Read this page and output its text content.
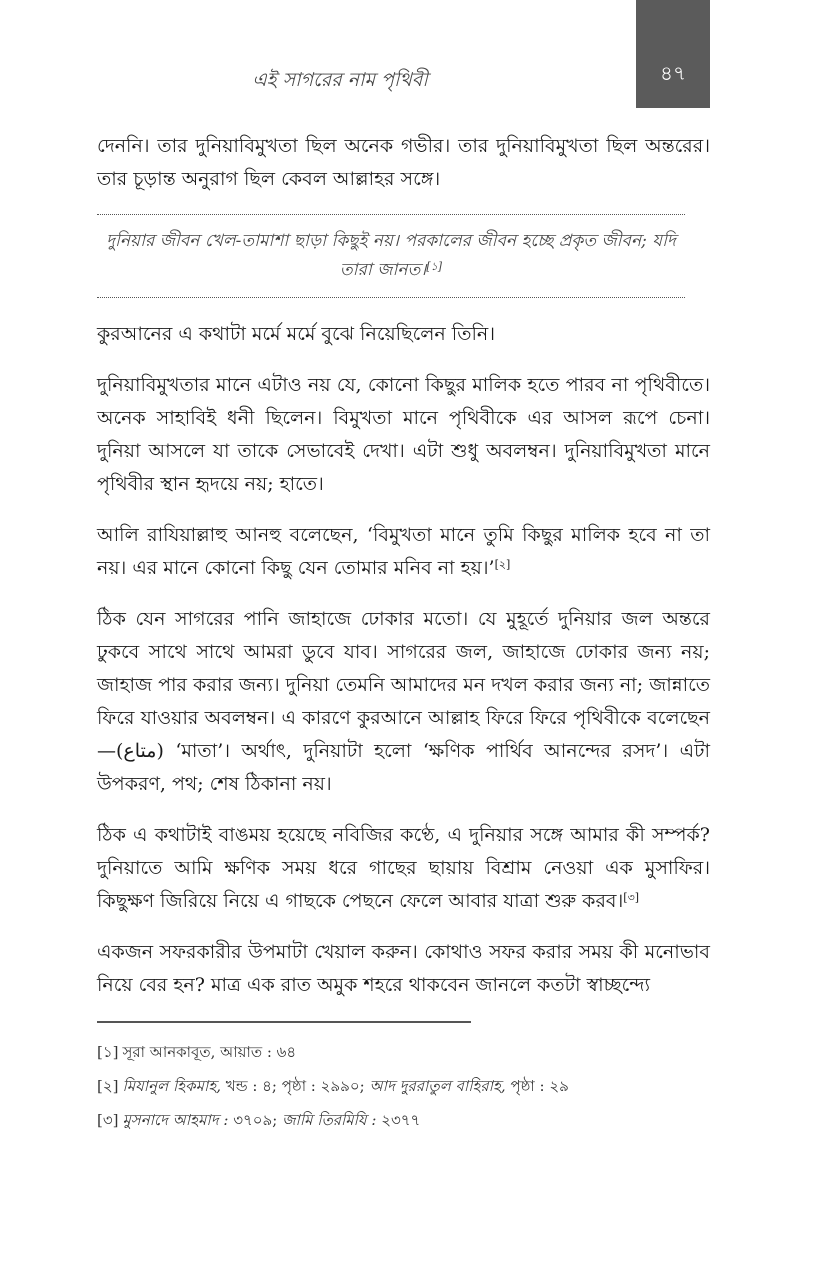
এই সাগরের নাম পৃথিবী	৪৭

দেননি। তার দুনিয়াবিমুখতা ছিল অনেক গভীর। তার দুনিয়াবিমুখতা ছিল অন্তরের। তার চূড়ান্ত অনুরাগ ছিল কেবল আল্লাহর সঙ্গে।

দুনিয়ার জীবন খেল-তামাশা ছাড়া কিছুই নয়। পরকালের জীবন হচ্ছে প্রকৃত জীবন; যদি তারা জানত।[১]

কুরআনের এ কথাটা মর্মে মর্মে বুঝে নিয়েছিলেন তিনি।

দুনিয়াবিমুখতার মানে এটাও নয় যে, কোনো কিছুর মালিক হতে পারব না পৃথিবীতে। অনেক সাহাবিই ধনী ছিলেন। বিমুখতা মানে পৃথিবীকে এর আসল রূপে চেনা। দুনিয়া আসলে যা তাকে সেভাবেই দেখা। এটা শুধু অবলম্বন। দুনিয়াবিমুখতা মানে পৃথিবীর স্থান হৃদয়ে নয়; হাতে।

আলি রাযিয়াল্লাহু আনহু বলেছেন, ‘বিমুখতা মানে তুমি কিছুর মালিক হবে না তা নয়। এর মানে কোনো কিছু যেন তোমার মনিব না হয়।’[২]

ঠিক যেন সাগরের পানি জাহাজে ঢোকার মতো। যে মুহূর্তে দুনিয়ার জল অন্তরে ঢুকবে সাথে সাথে আমরা ডুবে যাব। সাগরের জল, জাহাজে ঢোকার জন্য নয়; জাহাজ পার করার জন্য। দুনিয়া তেমনি আমাদের মন দখল করার জন্য না; জান্নাতে ফিরে যাওয়ার অবলম্বন। এ কারণে কুরআনে আল্লাহ ফিরে ফিরে পৃথিবীকে বলেছেন—(متاع) ‘মাতা’। অর্থাৎ, দুনিয়াটা হলো ‘ক্ষণিক পার্থিব আনন্দের রসদ’। এটা উপকরণ, পথ; শেষ ঠিকানা নয়।

ঠিক এ কথাটাই বাঙময় হয়েছে নবিজির কণ্ঠে, এ দুনিয়ার সঙ্গে আমার কী সম্পর্ক? দুনিয়াতে আমি ক্ষণিক সময় ধরে গাছের ছায়ায় বিশ্রাম নেওয়া এক মুসাফির। কিছুক্ষণ জিরিয়ে নিয়ে এ গাছকে পেছনে ফেলে আবার যাত্রা শুরু করব।[৩]

একজন সফরকারীর উপমাটা খেয়াল করুন। কোথাও সফর করার সময় কী মনোভাব নিয়ে বের হন? মাত্র এক রাত অমুক শহরে থাকবেন জানলে কতটা স্বাচ্ছন্দ্যে

[১] সূরা আনকাবূত, আয়াত : ৬৪
[২] মিযানুল হিকমাহ, খন্ড : ৪; পৃষ্ঠা : ২৯৯০; আদ দুররাতুল বাহিরাহ, পৃষ্ঠা : ২৯
[৩] মুসনাদে আহমাদ : ৩৭০৯; জামি তিরমিযি : ২৩৭৭
